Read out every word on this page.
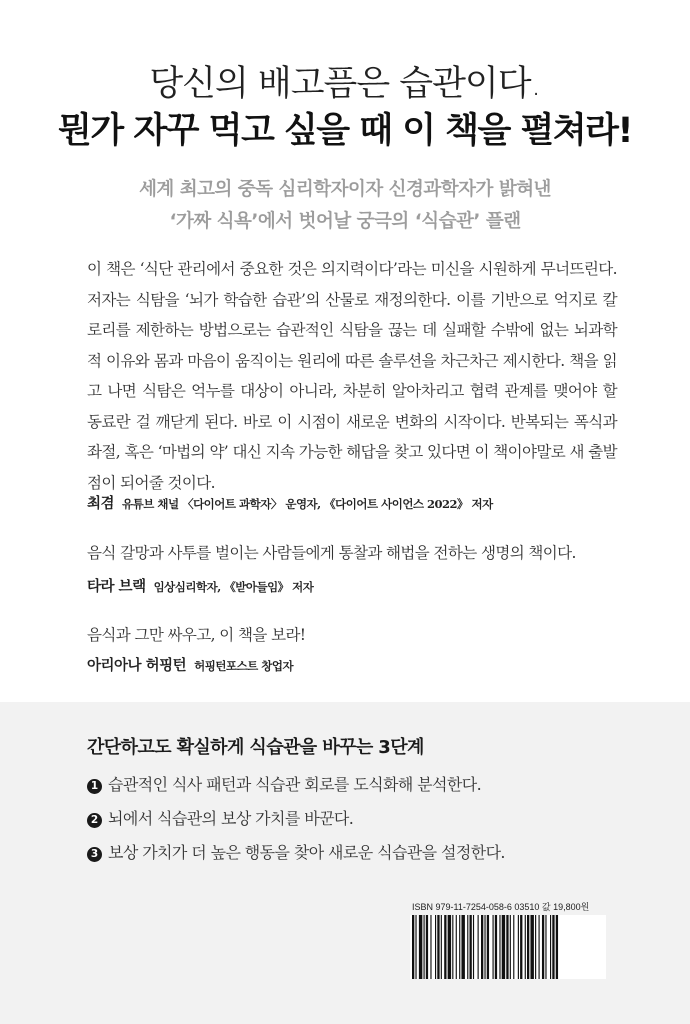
당신의 배고픔은 습관이다.
뭔가 자꾸 먹고 싶을 때 이 책을 펼쳐라!
세계 최고의 중독 심리학자이자 신경과학자가 밝혀낸
‘가짜 식욕’에서 벗어날 궁극의 ‘식습관’ 플랜
이 책은 ‘식단 관리에서 중요한 것은 의지력이다’라는 미신을 시원하게 무너뜨린다. 저자는 식탐을 ‘뇌가 학습한 습관’의 산물로 재정의한다. 이를 기반으로 억지로 칼로리를 제한하는 방법으로는 습관적인 식탐을 끊는 데 실패할 수밖에 없는 뇌과학적 이유와 몸과 마음이 움직이는 원리에 따른 솔루션을 차근차근 제시한다. 책을 읽고 나면 식탐은 억누를 대상이 아니라, 차분히 알아차리고 협력 관계를 맺어야 할 동료란 걸 깨닫게 된다. 바로 이 시점이 새로운 변화의 시작이다. 반복되는 폭식과 좌절, 혹은 ‘마법의 약’ 대신 지속 가능한 해답을 찾고 있다면 이 책이야말로 새 출발점이 되어줄 것이다.
최겸 유튜브 채널 〈다이어트 과학자〉 운영자, 《다이어트 사이언스 2022》 저자
음식 갈망과 사투를 벌이는 사람들에게 통찰과 해법을 전하는 생명의 책이다.
타라 브랙 임상심리학자, 《받아들임》 저자
음식과 그만 싸우고, 이 책을 보라!
아리아나 허핑턴 허핑턴포스트 창업자
간단하고도 확실하게 식습관을 바꾸는 3단계
1 습관적인 식사 패턴과 식습관 회로를 도식화해 분석한다.
2 뇌에서 식습관의 보상 가치를 바꾼다.
3 보상 가치가 더 높은 행동을 찾아 새로운 식습관을 설정한다.
ISBN 979-11-7254-058-6 03510 값 19,800원
